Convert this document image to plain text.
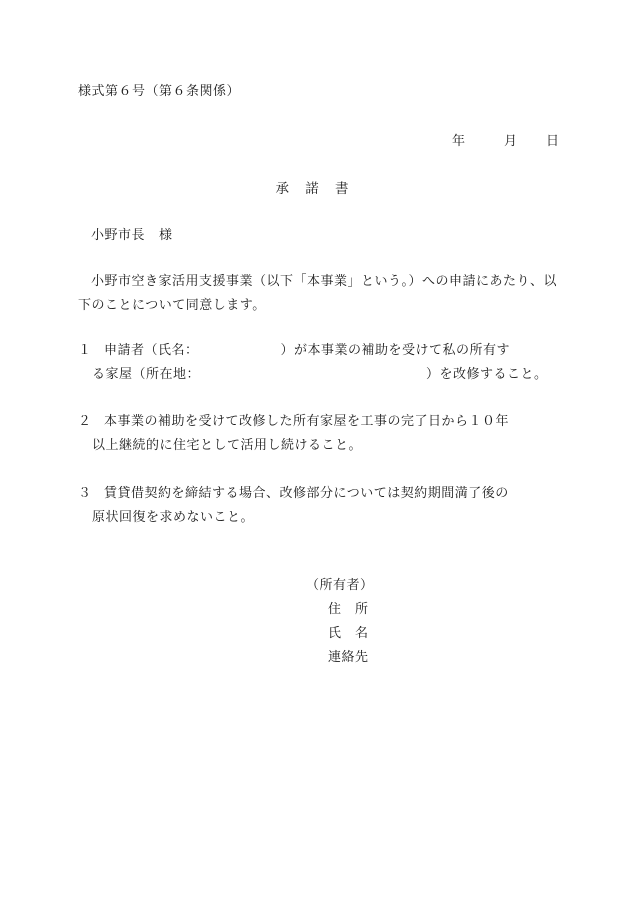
様式第６号（第６条関係）
年	月 日
承 諾 書
小野市長 様
小野市空き家活用支援事業（以下「本事業」という。）への申請にあたり、以下のことについて同意します。
１ 申請者（氏名：	）が本事業の補助を受けて私の所有す
る家屋（所在地：	）を改修すること。
２ 本事業の補助を受けて改修した所有家屋を工事の完了日から１０年
以上継続的に住宅として活用し続けること。
３ 賃貸借契約を締結する場合、改修部分については契約期間満了後の
原状回復を求めないこと。
（所有者）
住　所
氏　名
連絡先
